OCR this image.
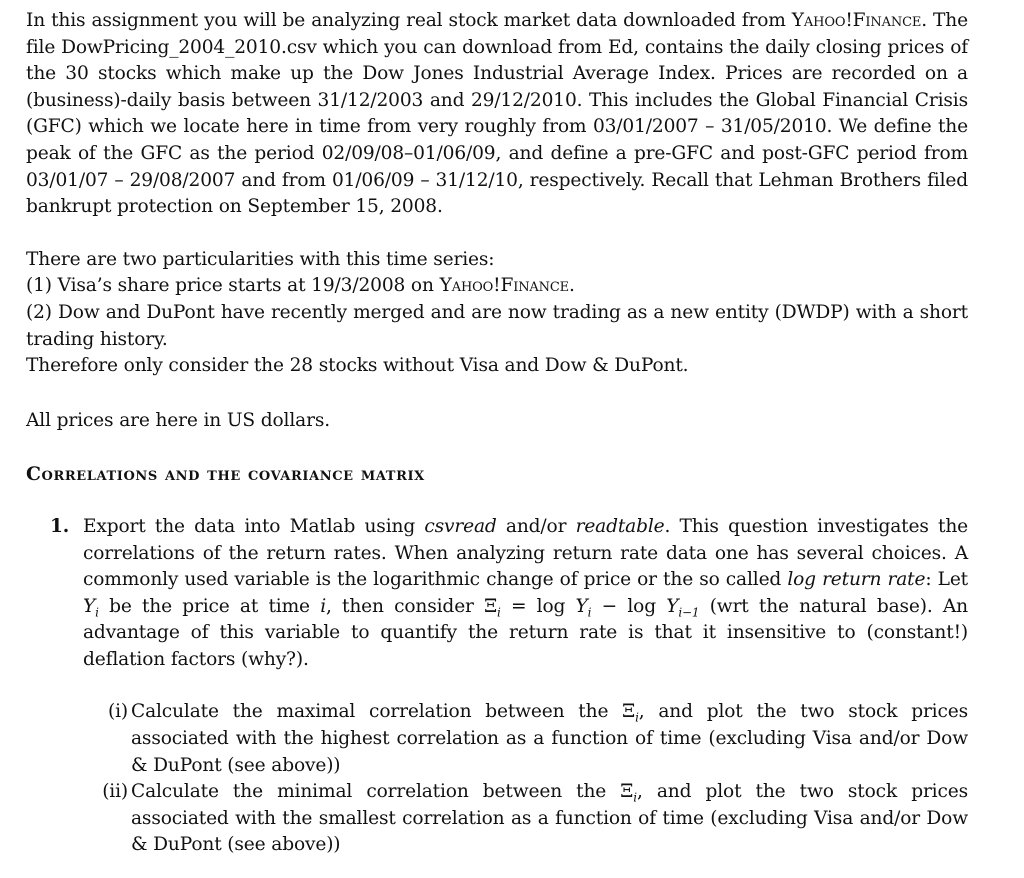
In this assignment you will be analyzing real stock market data downloaded from Yahoo!Finance. The file DowPricing_2004_2010.csv which you can download from Ed, contains the daily closing prices of the 30 stocks which make up the Dow Jones Industrial Average Index. Prices are recorded on a (business)-daily basis between 31/12/2003 and 29/12/2010. This includes the Global Financial Crisis (GFC) which we locate here in time from very roughly from 03/01/2007 – 31/05/2010. We define the peak of the GFC as the period 02/09/08–01/06/09, and define a pre-GFC and post-GFC period from 03/01/07 – 29/08/2007 and from 01/06/09 – 31/12/10, respectively. Recall that Lehman Brothers filed bankrupt protection on September 15, 2008.

There are two particularities with this time series:

(1) Visa’s share price starts at 19/3/2008 on Yahoo!Finance.

(2) Dow and DuPont have recently merged and are now trading as a new entity (DWDP) with a short trading history.

Therefore only consider the 28 stocks without Visa and Dow & DuPont.

All prices are here in US dollars.

Correlations and the covariance matrix

1. Export the data into Matlab using csvread and/or readtable. This question investigates the correlations of the return rates. When analyzing return rate data one has several choices. A commonly used variable is the logarithmic change of price or the so called log return rate: Let $Y_i$ be the price at time i, then consider $\Xi_i = \log Y_i - \log Y_{i-1}$ (wrt the natural base). An advantage of this variable to quantify the return rate is that it insensitive to (constant!) deflation factors (why?).

(i) Calculate the maximal correlation between the $\Xi_i$, and plot the two stock prices associated with the highest correlation as a function of time (excluding Visa and/or Dow & DuPont (see above))

(ii) Calculate the minimal correlation between the $\Xi_i$, and plot the two stock prices associated with the smallest correlation as a function of time (excluding Visa and/or Dow & DuPont (see above))
